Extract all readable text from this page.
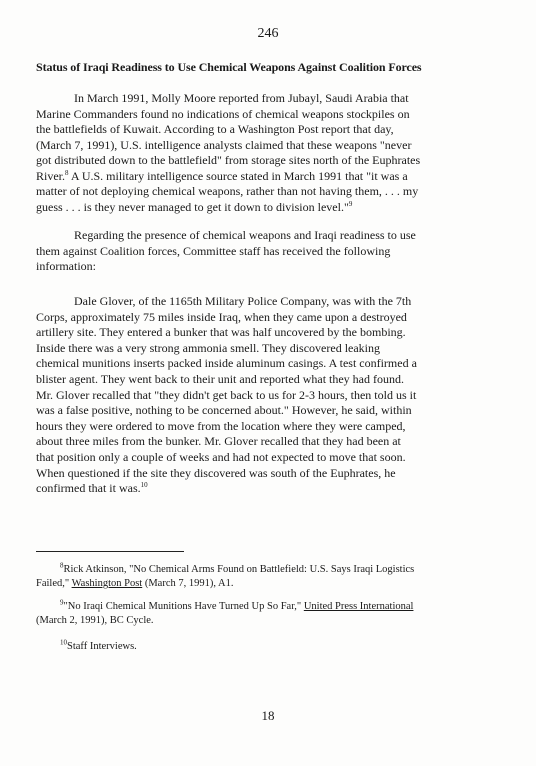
246
Status of Iraqi Readiness to Use Chemical Weapons Against Coalition Forces
In March 1991, Molly Moore reported from Jubayl, Saudi Arabia that
Marine Commanders found no indications of chemical weapons stockpiles on
the battlefields of Kuwait. According to a Washington Post report that day,
(March 7, 1991), U.S. intelligence analysts claimed that these weapons "never
got distributed down to the battlefield" from storage sites north of the Euphrates
River.$^8$ A U.S. military intelligence source stated in March 1991 that "it was a
matter of not deploying chemical weapons, rather than not having them, . . . my
guess . . . is they never managed to get it down to division level."$^9$
Regarding the presence of chemical weapons and Iraqi readiness to use
them against Coalition forces, Committee staff has received the following
information:
Dale Glover, of the 1165th Military Police Company, was with the 7th
Corps, approximately 75 miles inside Iraq, when they came upon a destroyed
artillery site. They entered a bunker that was half uncovered by the bombing.
Inside there was a very strong ammonia smell. They discovered leaking
chemical munitions inserts packed inside aluminum casings. A test confirmed a
blister agent. They went back to their unit and reported what they had found.
Mr. Glover recalled that "they didn't get back to us for 2-3 hours, then told us it
was a false positive, nothing to be concerned about." However, he said, within
hours they were ordered to move from the location where they were camped,
about three miles from the bunker. Mr. Glover recalled that they had been at
that position only a couple of weeks and had not expected to move that soon.
When questioned if the site they discovered was south of the Euphrates, he
confirmed that it was.$^{10}$
$^8$Rick Atkinson, "No Chemical Arms Found on Battlefield: U.S. Says Iraqi Logistics
Failed," Washington Post (March 7, 1991), A1.
$^9$"No Iraqi Chemical Munitions Have Turned Up So Far," United Press International
(March 2, 1991), BC Cycle.
$^{10}$Staff Interviews.
18
